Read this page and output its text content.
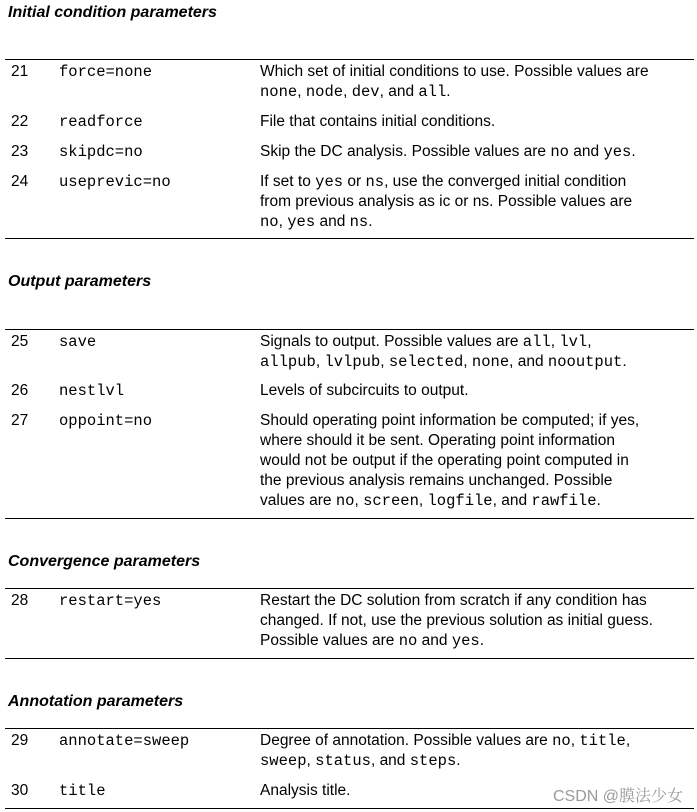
Initial condition parameters
21 force=none	Which set of initial conditions to use. Possible values are
none, node, dev, and all.
22 readforce	File that contains initial conditions.
23 skipdc=no	Skip the DC analysis. Possible values are no and yes.
24 useprevic=no	If set to yes or ns, use the converged initial condition
from previous analysis as ic or ns. Possible values are
no, yes and ns.
Output parameters
25 save	Signals to output. Possible values are all, lvl,
allpub, lvlpub, selected, none, and nooutput.
26 nestlvl	Levels of subcircuits to output.
27 oppoint=no	Should operating point information be computed; if yes,
where should it be sent. Operating point information
would not be output if the operating point computed in
the previous analysis remains unchanged. Possible
values are no, screen, logfile, and rawfile.
Convergence parameters
28 restart=yes	Restart the DC solution from scratch if any condition has
changed. If not, use the previous solution as initial guess.
Possible values are no and yes.
Annotation parameters
29 annotate=sweep	Degree of annotation. Possible values are no, title,
sweep, status, and steps.
30 title	Analysis title.	CSDN @膜法少女
